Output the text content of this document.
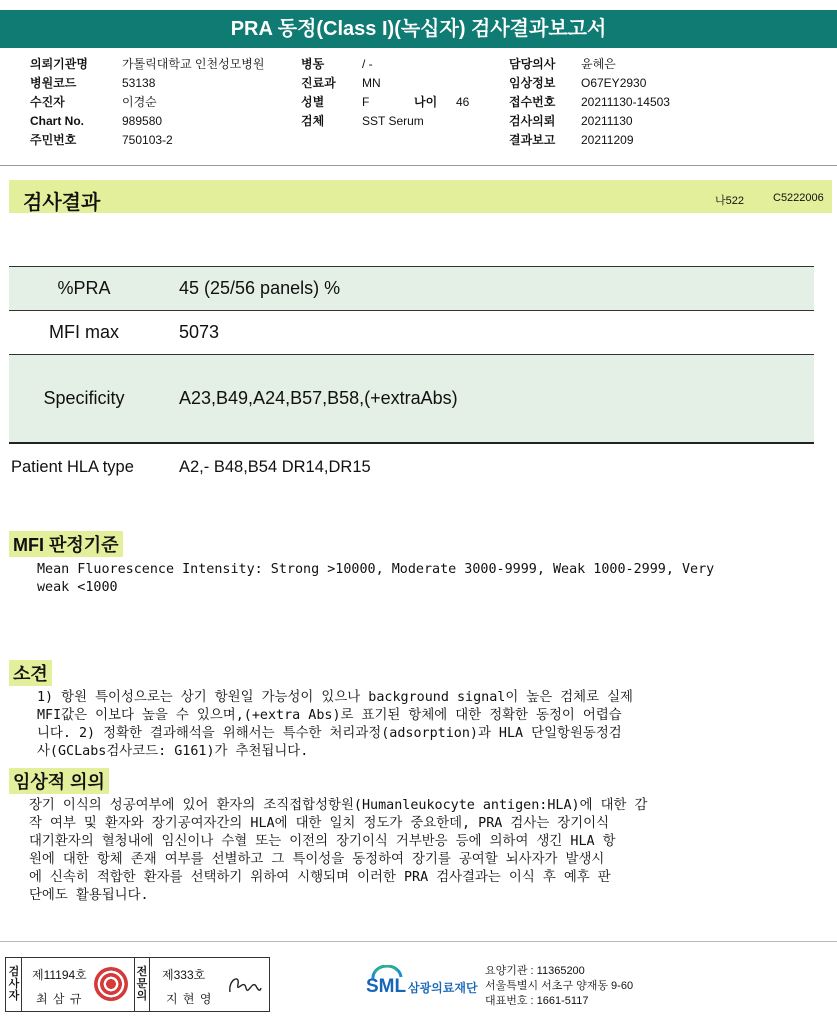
PRA 동정(Class I)(녹십자) 검사결과보고서
의뢰기관명	가톨릭대학교 인천성모병원
병원코드	53138
수진자	이경순
Chart No.	989580
주민번호	750103-2
병동	/ -
진료과 MN
성별	F	나이 46
검체	SST Serum
담당의사 윤혜은
임상정보 O67EY2930
접수번호 20211130-14503
검사의뢰 20211130
결과보고 20211209
검사결과	나522	C5222006
%PRA	45 (25/56 panels) %
MFI max	5073
Specificity	A23,B49,A24,B57,B58,(+extraAbs)
Patient HLA type	A2,- B48,B54 DR14,DR15
MFI 판정기준
Mean Fluorescence Intensity: Strong >10000, Moderate 3000-9999, Weak 1000-2999, Very
weak <1000
소견
1) 항원 특이성으로는 상기 항원일 가능성이 있으나 background signal이 높은 검체로 실제
MFI값은 이보다 높을 수 있으며,(+extra Abs)로 표기된 항체에 대한 정확한 동정이 어렵습
니다. 2) 정확한 결과해석을 위해서는 특수한 처리과정(adsorption)과 HLA 단일항원동정검
사(GCLabs검사코드: G161)가 추천됩니다.
임상적 의의
장기 이식의 성공여부에 있어 환자의 조직접합성항원(Humanleukocyte antigen:HLA)에 대한 감
작 여부 및 환자와 장기공여자간의 HLA에 대한 일치 정도가 중요한데, PRA 검사는 장기이식
대기환자의 혈청내에 임신이나 수혈 또는 이전의 장기이식 거부반응 등에 의하여 생긴 HLA 항
원에 대한 항체 존재 여부를 선별하고 그 특이성을 동정하여 장기를 공여할 뇌사자가 발생시
에 신속히 적합한 환자를 선택하기 위하여 시행되며 이러한 PRA 검사결과는 이식 후 예후 판
단에도 활용됩니다.
검사자
제11194호
최 삼 규
전문의
제333호
지 현 영
SML 삼광의료재단
요양기관 : 11365200
서울특별시 서초구 양재동 9-60
대표번호 : 1661-5117
